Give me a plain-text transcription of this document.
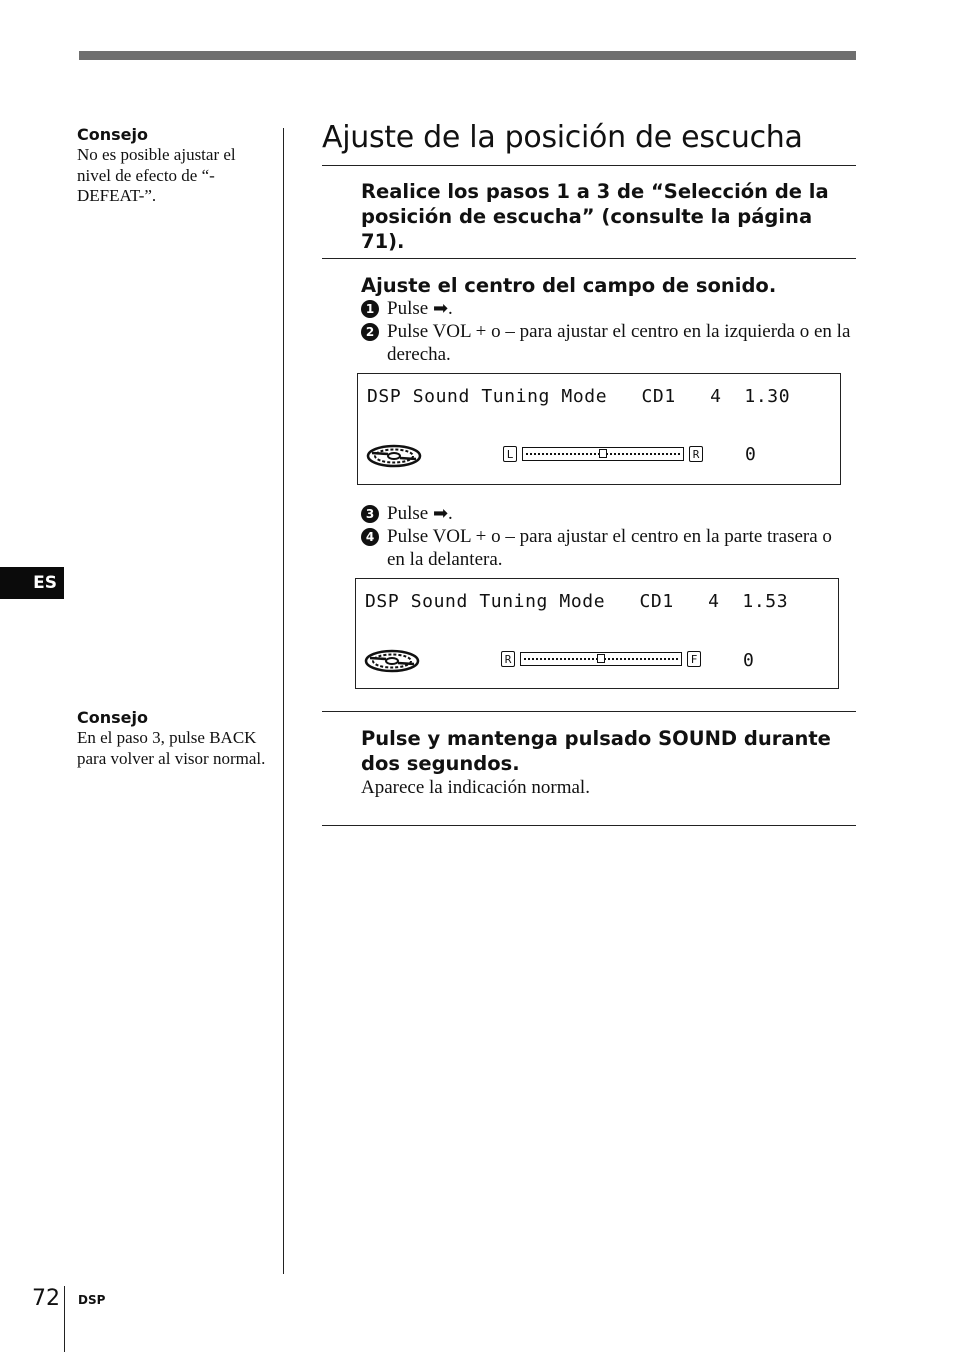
Consejo
No es posible ajustar el nivel de efecto de “-DEFEAT-”.
ES
Consejo
En el paso 3, pulse BACK para volver al visor normal.
Ajuste de la posición de escucha
Realice los pasos 1 a 3 de “Selección de la posición de escucha” (consulte la página 71).
Ajuste el centro del campo de sonido.
1 Pulse ➡.
2 Pulse VOL + o – para ajustar el centro en la izquierda o en la derecha.
DSP Sound Tuning Mode   CD1   4  1.30
L	R	0
3 Pulse ➡.
4 Pulse VOL + o – para ajustar el centro en la parte trasera o en la delantera.
DSP Sound Tuning Mode   CD1   4  1.53
R	F	0
Pulse y mantenga pulsado SOUND durante dos segundos.
Aparece la indicación normal.
72 DSP
